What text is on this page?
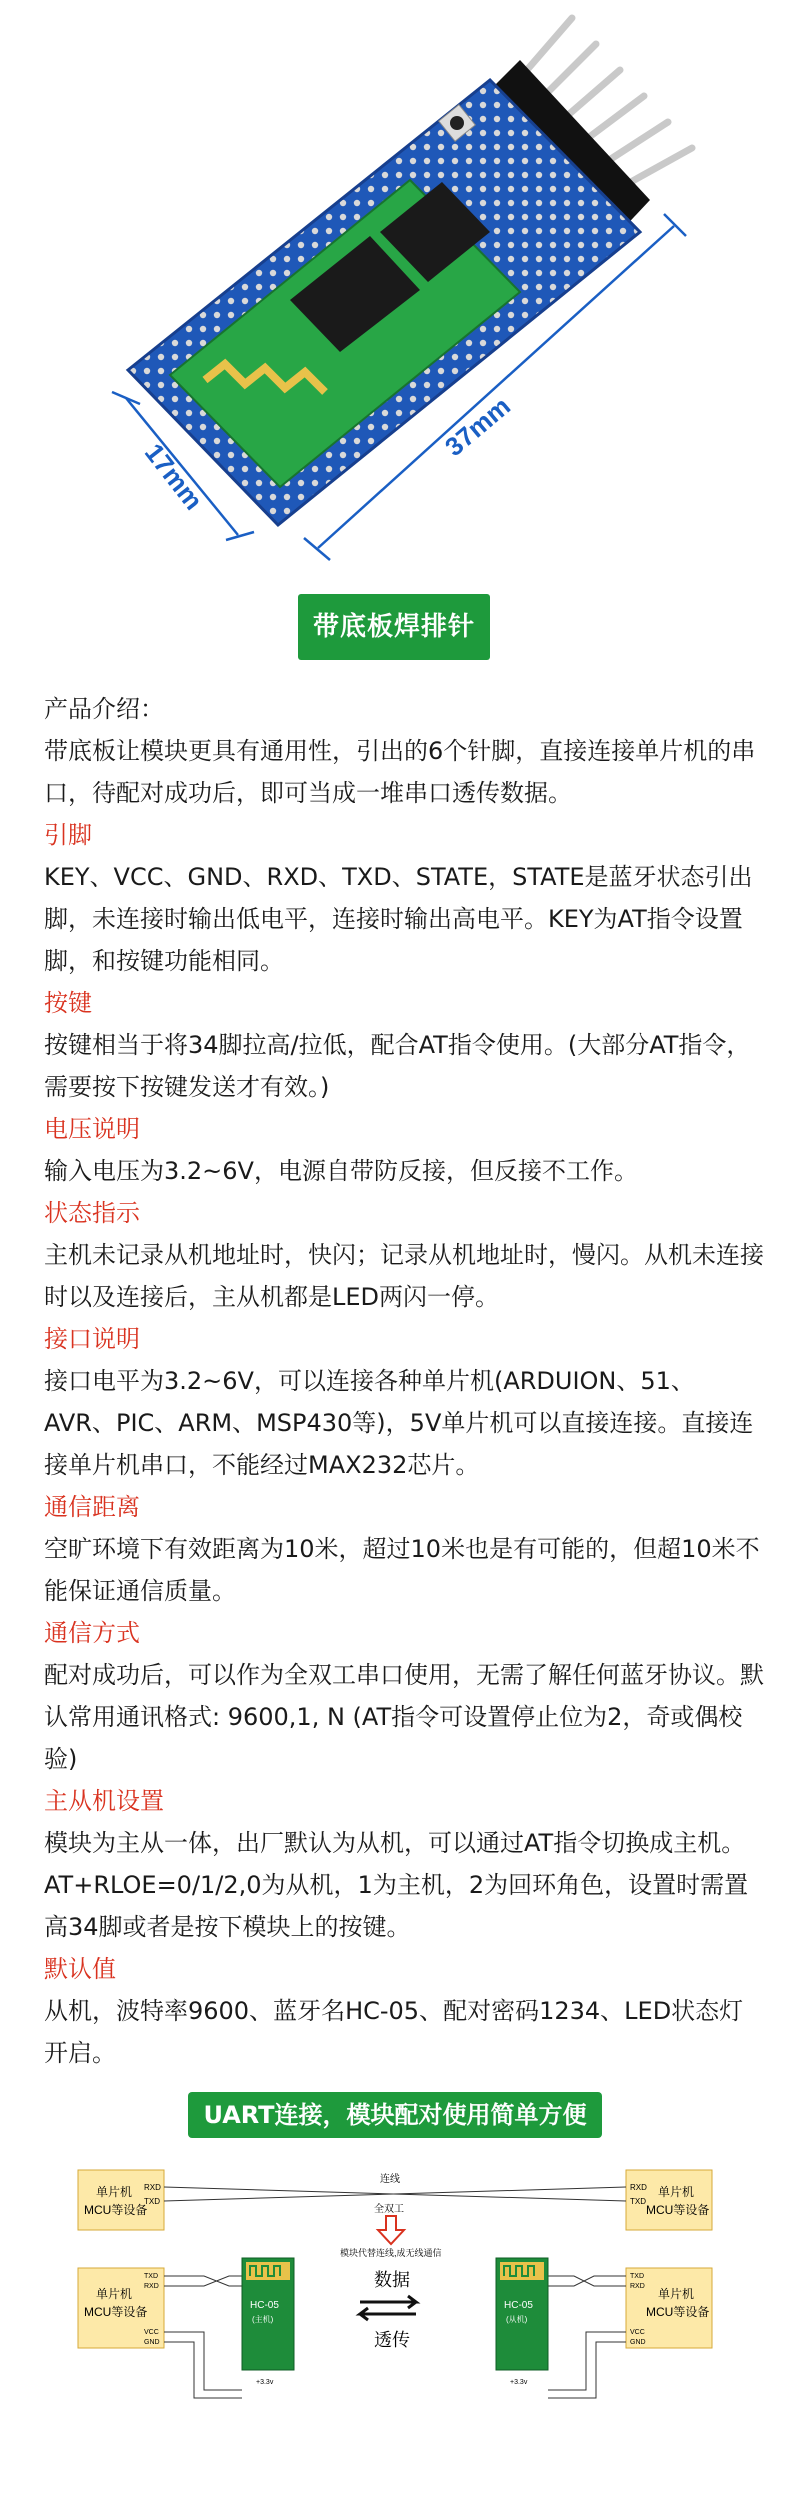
17mm
37mm
带底板焊排针

产品介绍：

带底板让模块更具有通用性，引出的6个针脚，直接连接单片机的串口，待配对成功后，即可当成一堆串口透传数据。

引脚

KEY、VCC、GND、RXD、TXD、STATE，STATE是蓝牙状态引出脚，未连接时输出低电平，连接时输出高电平。KEY为AT指令设置脚，和按键功能相同。

按键

按键相当于将34脚拉高/拉低，配合AT指令使用。(大部分AT指令，需要按下按键发送才有效。)

电压说明

输入电压为3.2~6V，电源自带防反接，但反接不工作。

状态指示

主机未记录从机地址时，快闪；记录从机地址时，慢闪。从机未连接时以及连接后，主从机都是LED两闪一停。

接口说明

接口电平为3.2~6V，可以连接各种单片机(ARDUION、51、AVR、PIC、ARM、MSP430等)，5V单片机可以直接连接。直接连接单片机串口，不能经过MAX232芯片。

通信距离

空旷环境下有效距离为10米，超过10米也是有可能的，但超10米不能保证通信质量。

通信方式

配对成功后，可以作为全双工串口使用，无需了解任何蓝牙协议。默认常用通讯格式: 9600,1, N (AT指令可设置停止位为2，奇或偶校验)

主从机设置

模块为主从一体，出厂默认为从机，可以通过AT指令切换成主机。AT+RLOE=0/1/2,0为从机，1为主机，2为回环角色，设置时需置高34脚或者是按下模块上的按键。

默认值

从机，波特率9600、蓝牙名HC-05、配对密码1234、LED状态灯开启。

UART连接，模块配对使用简单方便
单片机
MCU等设备
RXD
TXD
单片机
MCU等设备
RXD
TXD
连线
全双工
模块代替连线,成无线通信
单片机
MCU等设备
TXD
RXD
VCC
GND
单片机
MCU等设备
TXD
RXD
VCC
GND
HC-05
(主机)
+3.3v
HC-05
(从机)
+3.3v
数据
透传
